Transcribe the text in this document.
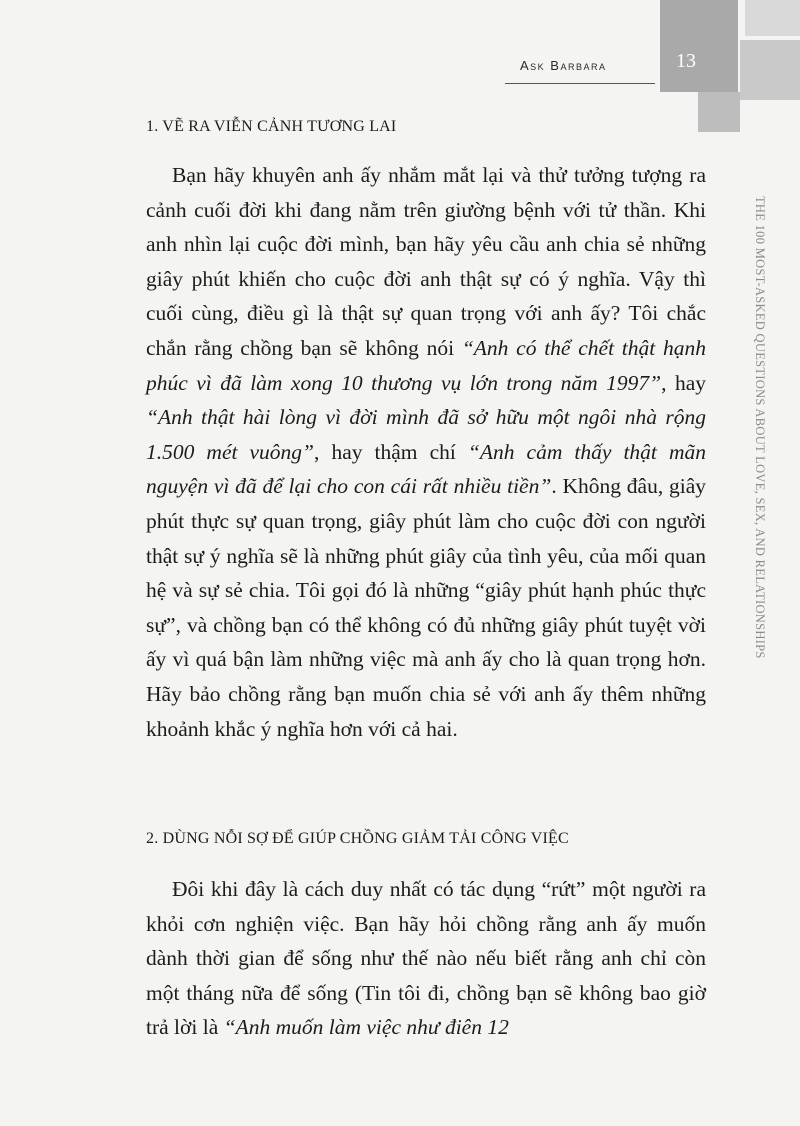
Ask Barbara	13
THE 100 MOST-ASKED QUESTIONS ABOUT LOVE, SEX, AND RELATIONSHIPS
1. VẼ RA VIỄN CẢNH TƯƠNG LAI

Bạn hãy khuyên anh ấy nhắm mắt lại và thử tưởng tượng ra cảnh cuối đời khi đang nằm trên giường bệnh với tử thần. Khi anh nhìn lại cuộc đời mình, bạn hãy yêu cầu anh chia sẻ những giây phút khiến cho cuộc đời anh thật sự có ý nghĩa. Vậy thì cuối cùng, điều gì là thật sự quan trọng với anh ấy? Tôi chắc chắn rằng chồng bạn sẽ không nói “Anh có thể chết thật hạnh phúc vì đã làm xong 10 thương vụ lớn trong năm 1997”, hay “Anh thật hài lòng vì đời mình đã sở hữu một ngôi nhà rộng 1.500 mét vuông”, hay thậm chí “Anh cảm thấy thật mãn nguyện vì đã để lại cho con cái rất nhiều tiền”. Không đâu, giây phút thực sự quan trọng, giây phút làm cho cuộc đời con người thật sự ý nghĩa sẽ là những phút giây của tình yêu, của mối quan hệ và sự sẻ chia. Tôi gọi đó là những “giây phút hạnh phúc thực sự”, và chồng bạn có thể không có đủ những giây phút tuyệt vời ấy vì quá bận làm những việc mà anh ấy cho là quan trọng hơn. Hãy bảo chồng rằng bạn muốn chia sẻ với anh ấy thêm những khoảnh khắc ý nghĩa hơn với cả hai.

2. DÙNG NỖI SỢ ĐỂ GIÚP CHỒNG GIẢM TẢI CÔNG VIỆC

Đôi khi đây là cách duy nhất có tác dụng “rứt” một người ra khỏi cơn nghiện việc. Bạn hãy hỏi chồng rằng anh ấy muốn dành thời gian để sống như thế nào nếu biết rằng anh chỉ còn một tháng nữa để sống (Tin tôi đi, chồng bạn sẽ không bao giờ trả lời là “Anh muốn làm việc như điên 12
